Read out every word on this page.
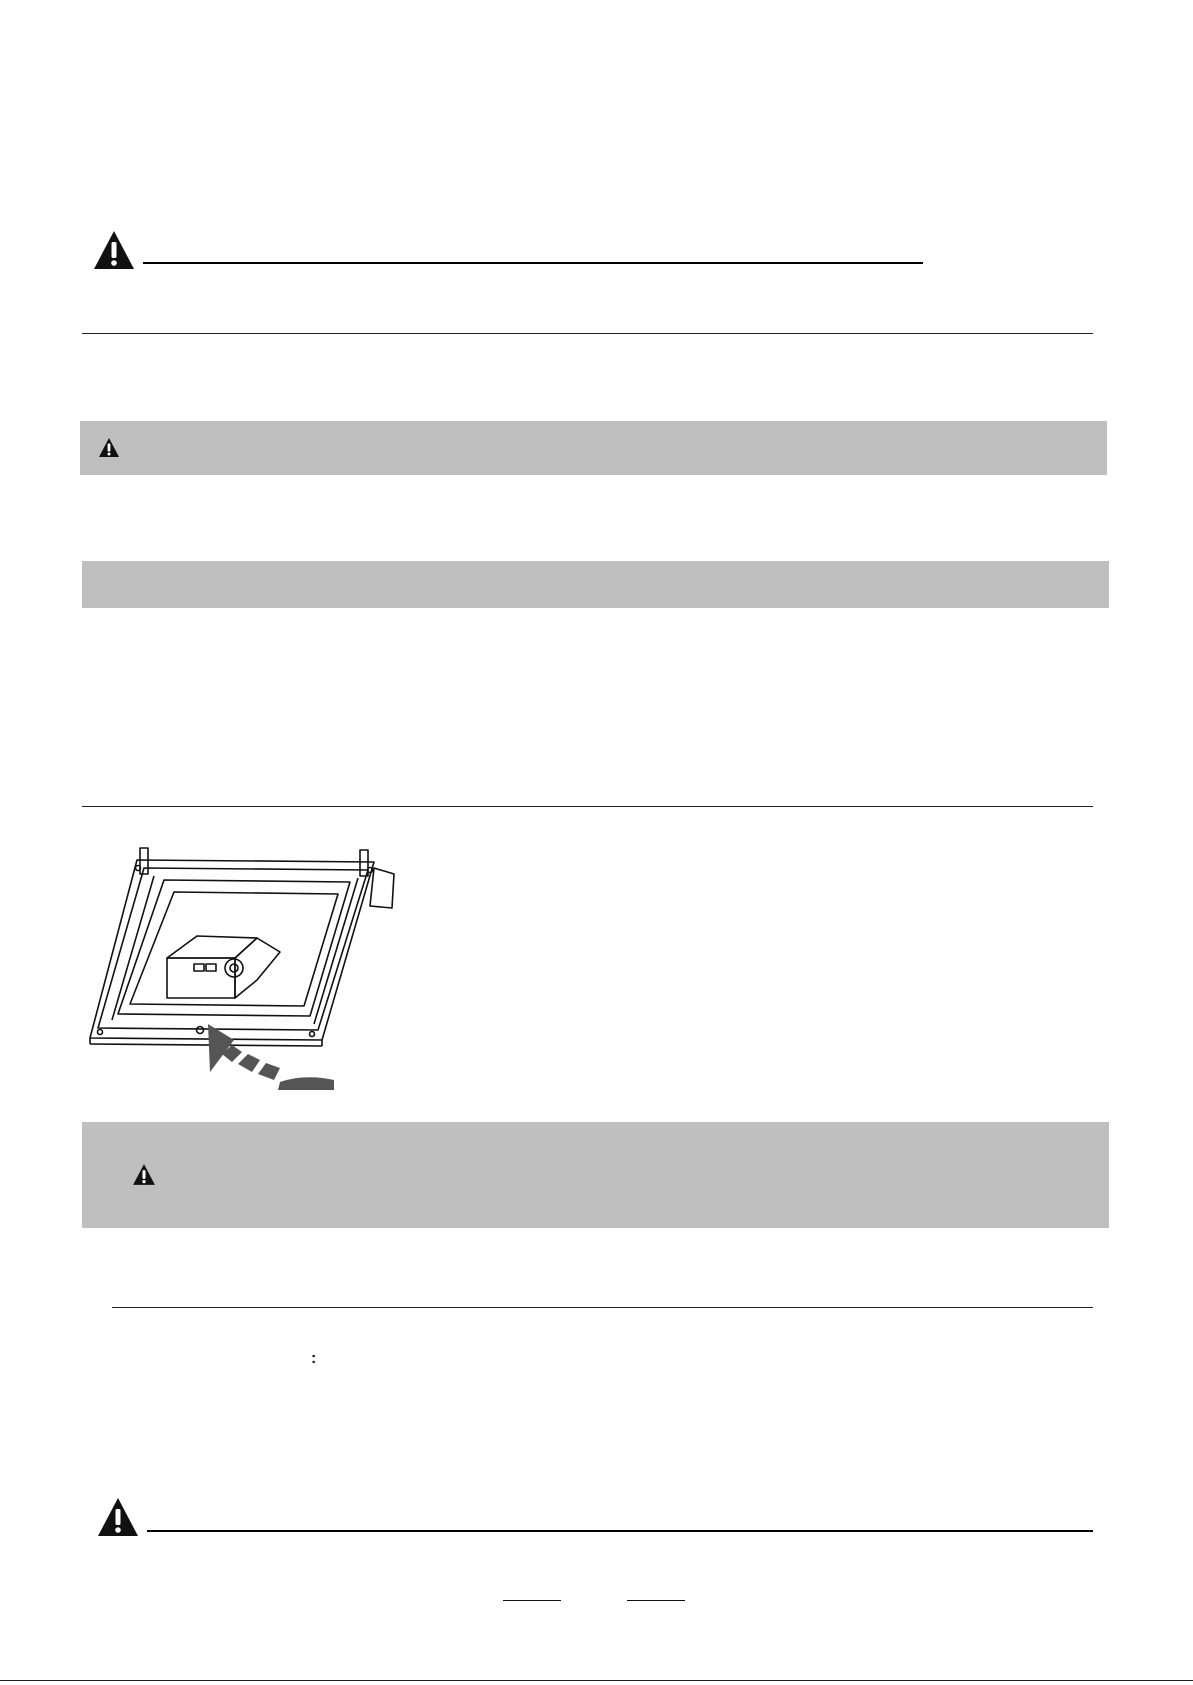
:
